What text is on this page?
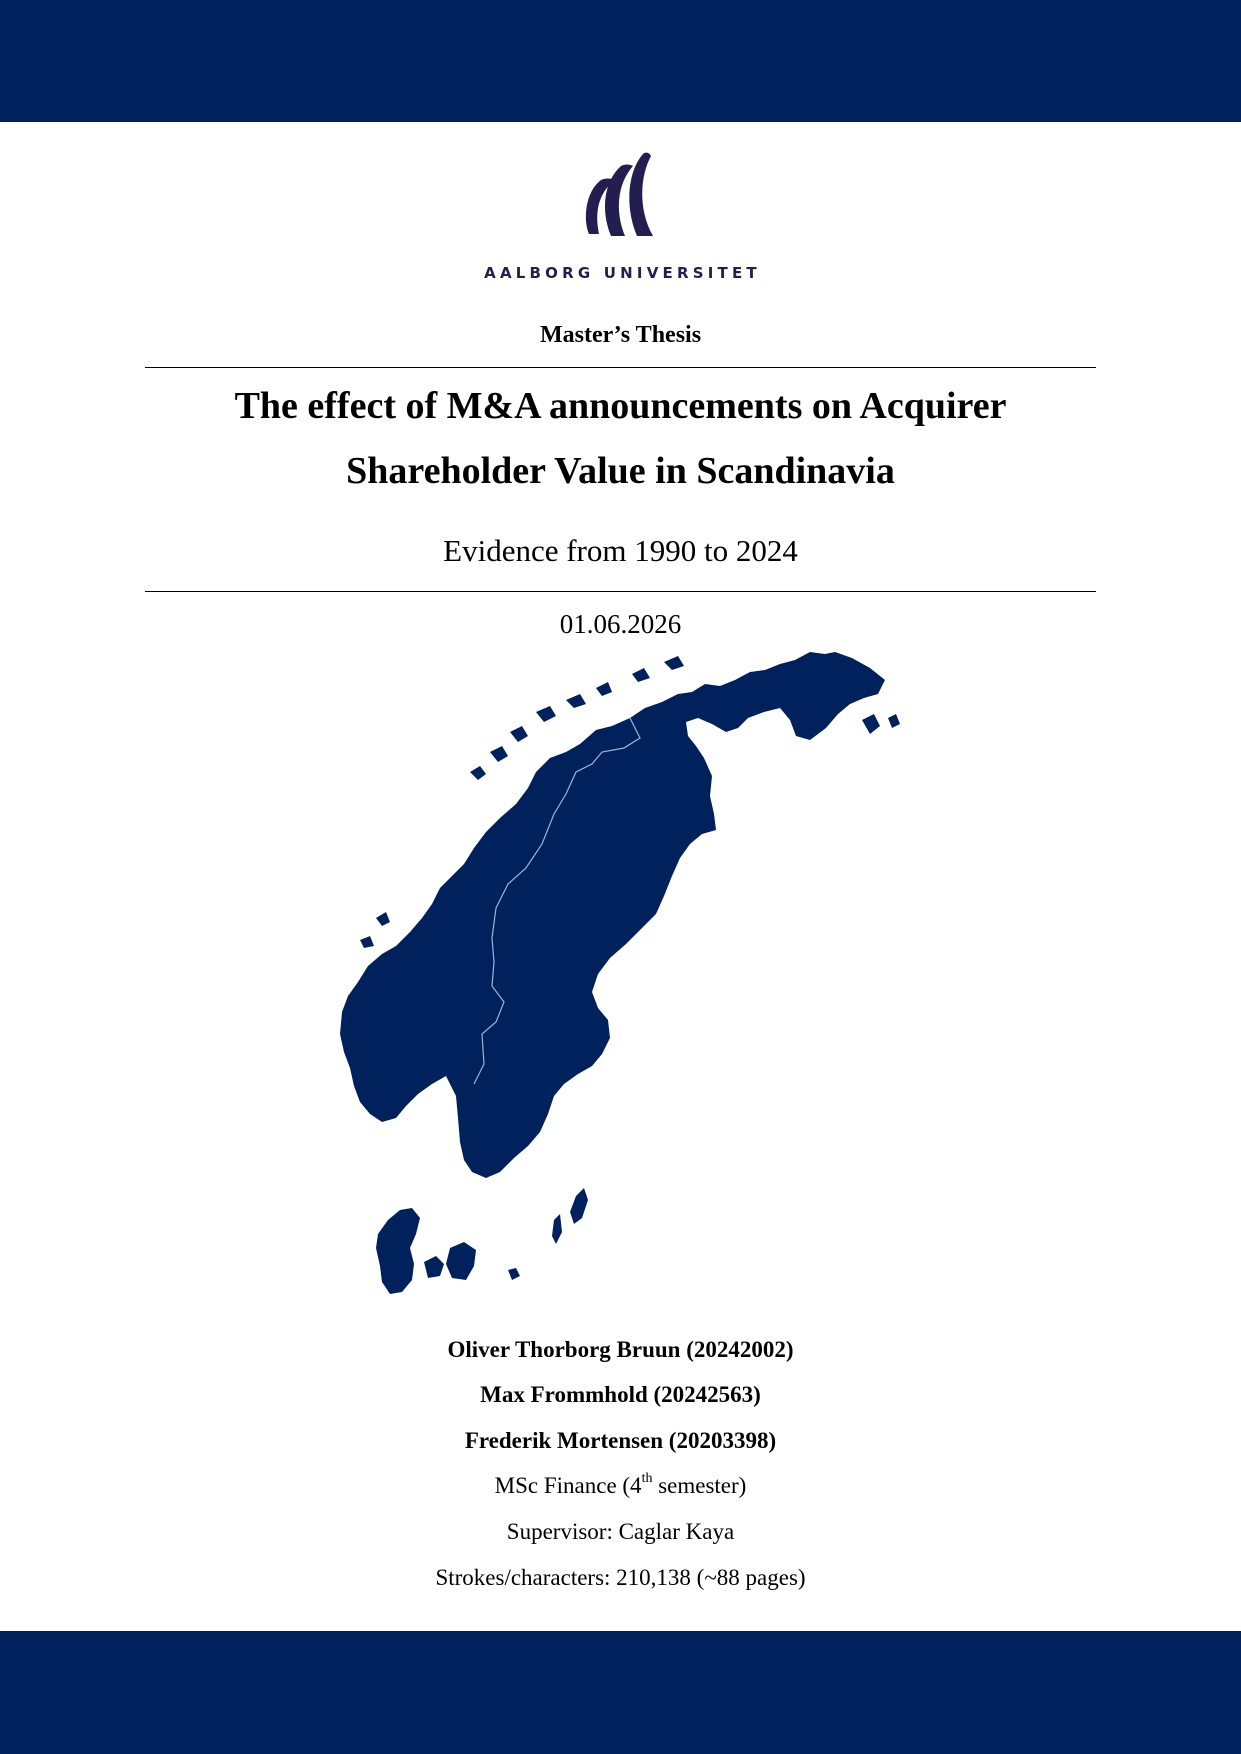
AALBORG UNIVERSITET
Master’s Thesis
The effect of M&A announcements on Acquirer
Shareholder Value in Scandinavia
Evidence from 1990 to 2024
01.06.2026
Oliver Thorborg Bruun (20242002)
Max Frommhold (20242563)
Frederik Mortensen (20203398)
MSc Finance (4th semester)
Supervisor: Caglar Kaya
Strokes/characters: 210,138 (~88 pages)
